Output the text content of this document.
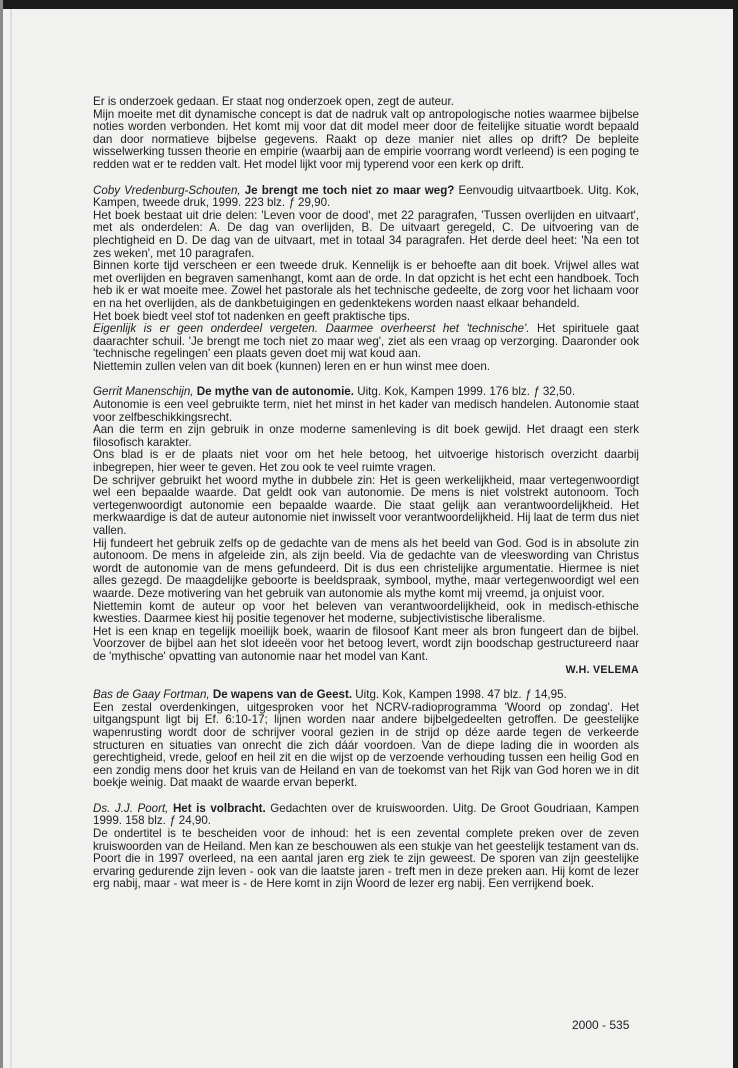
Er is onderzoek gedaan. Er staat nog onderzoek open, zegt de auteur.

Mijn moeite met dit dynamische concept is dat de nadruk valt op antropologische noties waarmee bijbelse noties worden verbonden. Het komt mij voor dat dit model meer door de feitelijke situatie wordt bepaald dan door normatieve bijbelse gegevens. Raakt op deze manier niet alles op drift? De bepleite wisselwerking tussen theorie en empirie (waarbij aan de empirie voorrang wordt verleend) is een poging te redden wat er te redden valt. Het model lijkt voor mij typerend voor een kerk op drift.

Coby Vredenburg-Schouten, Je brengt me toch niet zo maar weg? Eenvoudig uitvaartboek. Uitg. Kok, Kampen, tweede druk, 1999. 223 blz. ƒ 29,90.

Het boek bestaat uit drie delen: 'Leven voor de dood', met 22 paragrafen, 'Tussen overlijden en uitvaart', met als onderdelen: A. De dag van overlijden, B. De uitvaart geregeld, C. De uitvoering van de plechtigheid en D. De dag van de uitvaart, met in totaal 34 paragrafen. Het derde deel heet: 'Na een tot zes weken', met 10 paragrafen.

Binnen korte tijd verscheen er een tweede druk. Kennelijk is er behoefte aan dit boek. Vrijwel alles wat met overlijden en begraven samenhangt, komt aan de orde. In dat opzicht is het echt een handboek. Toch heb ik er wat moeite mee. Zowel het pastorale als het technische gedeelte, de zorg voor het lichaam voor en na het overlijden, als de dankbetuigingen en gedenktekens worden naast elkaar behandeld.

Het boek biedt veel stof tot nadenken en geeft praktische tips.

Eigenlijk is er geen onderdeel vergeten. Daarmee overheerst het 'technische'. Het spirituele gaat daarachter schuil. 'Je brengt me toch niet zo maar weg', ziet als een vraag op verzorging. Daaronder ook 'technische regelingen' een plaats geven doet mij wat koud aan.

Niettemin zullen velen van dit boek (kunnen) leren en er hun winst mee doen.

Gerrit Manenschijn, De mythe van de autonomie. Uitg. Kok, Kampen 1999. 176 blz. ƒ 32,50.

Autonomie is een veel gebruikte term, niet het minst in het kader van medisch handelen. Autonomie staat voor zelfbeschikkingsrecht.

Aan die term en zijn gebruik in onze moderne samenleving is dit boek gewijd. Het draagt een sterk filosofisch karakter.

Ons blad is er de plaats niet voor om het hele betoog, het uitvoerige historisch overzicht daarbij inbegrepen, hier weer te geven. Het zou ook te veel ruimte vragen.

De schrijver gebruikt het woord mythe in dubbele zin: Het is geen werkelijkheid, maar vertegenwoordigt wel een bepaalde waarde. Dat geldt ook van autonomie. De mens is niet volstrekt autonoom. Toch vertegenwoordigt autonomie een bepaalde waarde. Die staat gelijk aan verantwoordelijkheid. Het merkwaardige is dat de auteur autonomie niet inwisselt voor verantwoordelijkheid. Hij laat de term dus niet vallen.

Hij fundeert het gebruik zelfs op de gedachte van de mens als het beeld van God. God is in absolute zin autonoom. De mens in afgeleide zin, als zijn beeld. Via de gedachte van de vleeswording van Christus wordt de autonomie van de mens gefundeerd. Dit is dus een christelijke argumentatie. Hiermee is niet alles gezegd. De maagdelijke geboorte is beeldspraak, symbool, mythe, maar vertegenwoordigt wel een waarde. Deze motivering van het gebruik van autonomie als mythe komt mij vreemd, ja onjuist voor.

Niettemin komt de auteur op voor het beleven van verantwoordelijkheid, ook in medisch-ethische kwesties. Daarmee kiest hij positie tegenover het moderne, subjectivistische liberalisme.

Het is een knap en tegelijk moeilijk boek, waarin de filosoof Kant meer als bron fungeert dan de bijbel. Voorzover de bijbel aan het slot ideeën voor het betoog levert, wordt zijn boodschap gestructureerd naar de 'mythische' opvatting van autonomie naar het model van Kant.

W.H. VELEMA

Bas de Gaay Fortman, De wapens van de Geest. Uitg. Kok, Kampen 1998. 47 blz. ƒ 14,95.

Een zestal overdenkingen, uitgesproken voor het NCRV-radioprogramma 'Woord op zondag'. Het uitgangspunt ligt bij Ef. 6:10-17; lijnen worden naar andere bijbelgedeelten getroffen. De geestelijke wapenrusting wordt door de schrijver vooral gezien in de strijd op déze aarde tegen de verkeerde structuren en situaties van onrecht die zich dáár voordoen. Van de diepe lading die in woorden als gerechtigheid, vrede, geloof en heil zit en die wijst op de verzoende verhouding tussen een heilig God en een zondig mens door het kruis van de Heiland en van de toekomst van het Rijk van God horen we in dit boekje weinig. Dat maakt de waarde ervan beperkt.

Ds. J.J. Poort, Het is volbracht. Gedachten over de kruiswoorden. Uitg. De Groot Goudriaan, Kampen 1999. 158 blz. ƒ 24,90.

De ondertitel is te bescheiden voor de inhoud: het is een zevental complete preken over de zeven kruiswoorden van de Heiland. Men kan ze beschouwen als een stukje van het geestelijk testament van ds. Poort die in 1997 overleed, na een aantal jaren erg ziek te zijn geweest. De sporen van zijn geestelijke ervaring gedurende zijn leven - ook van die laatste jaren - treft men in deze preken aan. Hij komt de lezer erg nabij, maar - wat meer is - de Here komt in zijn Woord de lezer erg nabij. Een verrijkend boek.

2000 - 535
